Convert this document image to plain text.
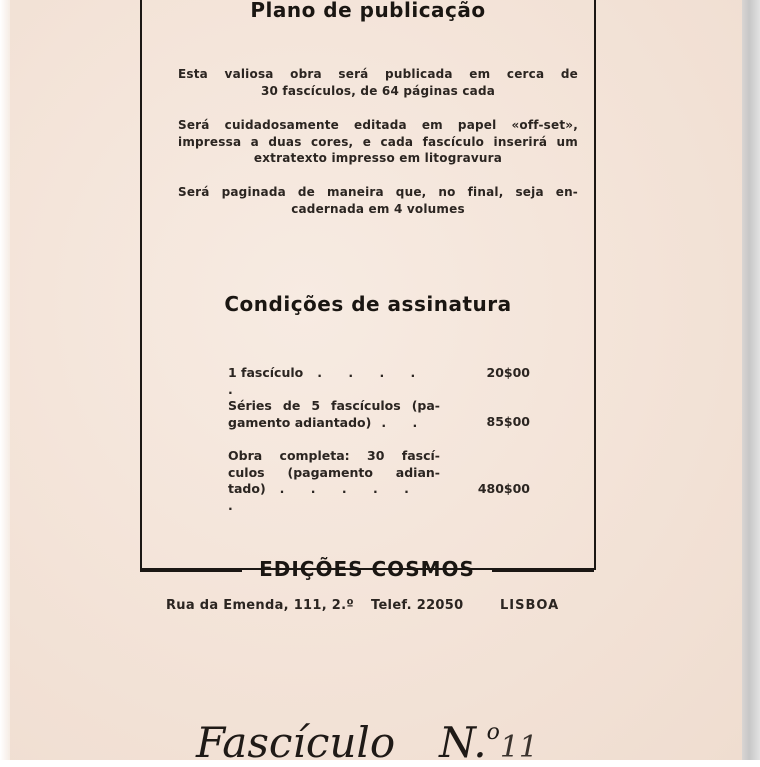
Plano de publicação
Condições de assinatura
Esta valiosa obra será publicada em cerca de
30 fascículos, de 64 páginas cada
Será cuidadosamente editada em papel «off-set»,
impressa a duas cores, e cada fascículo inserirá um
extratexto impresso em litogravura
Será paginada de maneira que, no final, seja en-
cadernada em 4 volumes
1 fascículo . . . . .
20$00
Séries de 5 fascículos (pa-
gamento adiantado) . .	85$00
Obra completa: 30 fascí-
culos (pagamento adian-
tado) . . . . . .
480$00
EDIÇÕES COSMOS
Rua da Emenda, 111, 2.º Telef. 22050	LISBOA
Fascículo N.$^o$11
